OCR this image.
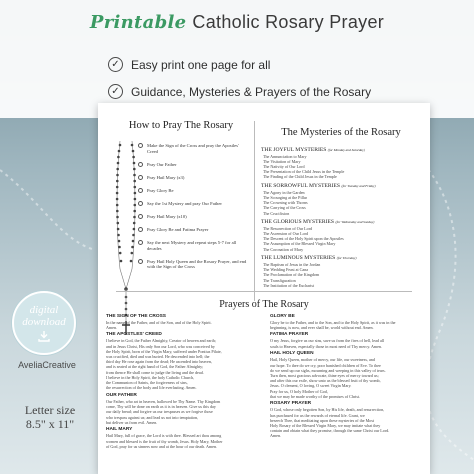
Printable Catholic Rosary Prayer
✓ Easy print one page for all
✓ Guidance, Mysteries & Prayers of the Rosary
How to Pray The Rosary
The Mysteries of the Rosary
Make the Sign of the Cross and pray the Apostles' Creed
Pray Our Father
Pray Hail Mary (x3)
Pray Glory Be
Say the 1st Mystery and pray Our Father
Pray Hail Mary (x10)
Pray Glory Be and Fatima Prayer
Say the next Mystery and repeat steps 5-7 for all decades
Pray Hail Holy Queen and the Rosary Prayer, and end with the Sign of the Cross
THE JOYFUL MYSTERIES (for Monday and Saturday)
The Annunciation to Mary
The Visitation of Mary
The Nativity of Our Lord
The Presentation of the Child Jesus in the Temple
The Finding of the Child Jesus in the Temple
THE SORROWFUL MYSTERIES (for Tuesday and Friday)
The Agony in the Garden
The Scourging at the Pillar
The Crowning with Thorns
The Carrying of the Cross
The Crucifixion
THE GLORIOUS MYSTERIES (for Wednesday and Sunday)
The Resurrection of Our Lord
The Ascension of Our Lord
The Descent of the Holy Spirit upon the Apostles
The Assumption of the Blessed Virgin Mary
The Coronation of Mary
THE LUMINOUS MYSTERIES (for Thursday)
The Baptism of Jesus in the Jordan
The Wedding Feast at Cana
The Proclamation of the Kingdom
The Transfiguration
The Institution of the Eucharist
Prayers of The Rosary
THE SIGN OF THE CROSS
In the name of the Father, and of the Son, and of the Holy Spirit.
Amen.
THE APOSTLES' CREED
I believe in God, the Father Almighty, Creator of heaven and earth;
and in Jesus Christ, His only Son our Lord, who was conceived by
the Holy Spirit, born of the Virgin Mary, suffered under Pontius Pilate,
was crucified, died and was buried. He descended into hell; the
third day He rose again from the dead; He ascended into heaven,
and is seated at the right hand of God, the Father Almighty;
from thence He shall come to judge the living and the dead.
I believe in the Holy Spirit, the holy Catholic Church,
the Communion of Saints, the forgiveness of sins,
the resurrection of the body and life everlasting. Amen.
OUR FATHER
Our Father, who art in heaven, hallowed be Thy Name. Thy Kingdom
come, Thy will be done on earth as it is in heaven. Give us this day
our daily bread; and forgive us our trespasses as we forgive those
who trespass against us; and lead us not into temptation,
but deliver us from evil. Amen.
HAIL MARY
Hail Mary, full of grace, the Lord is with thee. Blessed art thou among
women and blessed is the fruit of thy womb, Jesus. Holy Mary, Mother
of God, pray for us sinners now and at the hour of our death. Amen.
GLORY BE
Glory be to the Father, and to the Son, and to the Holy Spirit, as it was in the
beginning, is now, and ever shall be, world without end. Amen.
FATIMA PRAYER
O my Jesus, forgive us our sins, save us from the fires of hell, lead all
souls to Heaven, especially those in most need of Thy mercy. Amen.
HAIL HOLY QUEEN
Hail, Holy Queen, mother of mercy, our life, our sweetness, and
our hope. To thee do we cry, poor banished children of Eve. To thee
do we send up our sighs, mourning and weeping in this valley of tears.
Turn then, most gracious advocate, thine eyes of mercy toward us;
and after this our exile, show unto us the blessed fruit of thy womb,
Jesus. O clement, O loving, O sweet Virgin Mary.
Pray for us, O holy Mother of God,
that we may be made worthy of the promises of Christ.
ROSARY PRAYER
O God, whose only begotten Son, by His life, death, and resurrection,
has purchased for us the rewards of eternal life. Grant, we
beseech Thee, that meditating upon these mysteries of the Most
Holy Rosary of the Blessed Virgin Mary, we may imitate what they
contain and obtain what they promise, through the same Christ our Lord.
Amen.
digital
download
AveliaCreative
Letter size
8.5" x 11"
